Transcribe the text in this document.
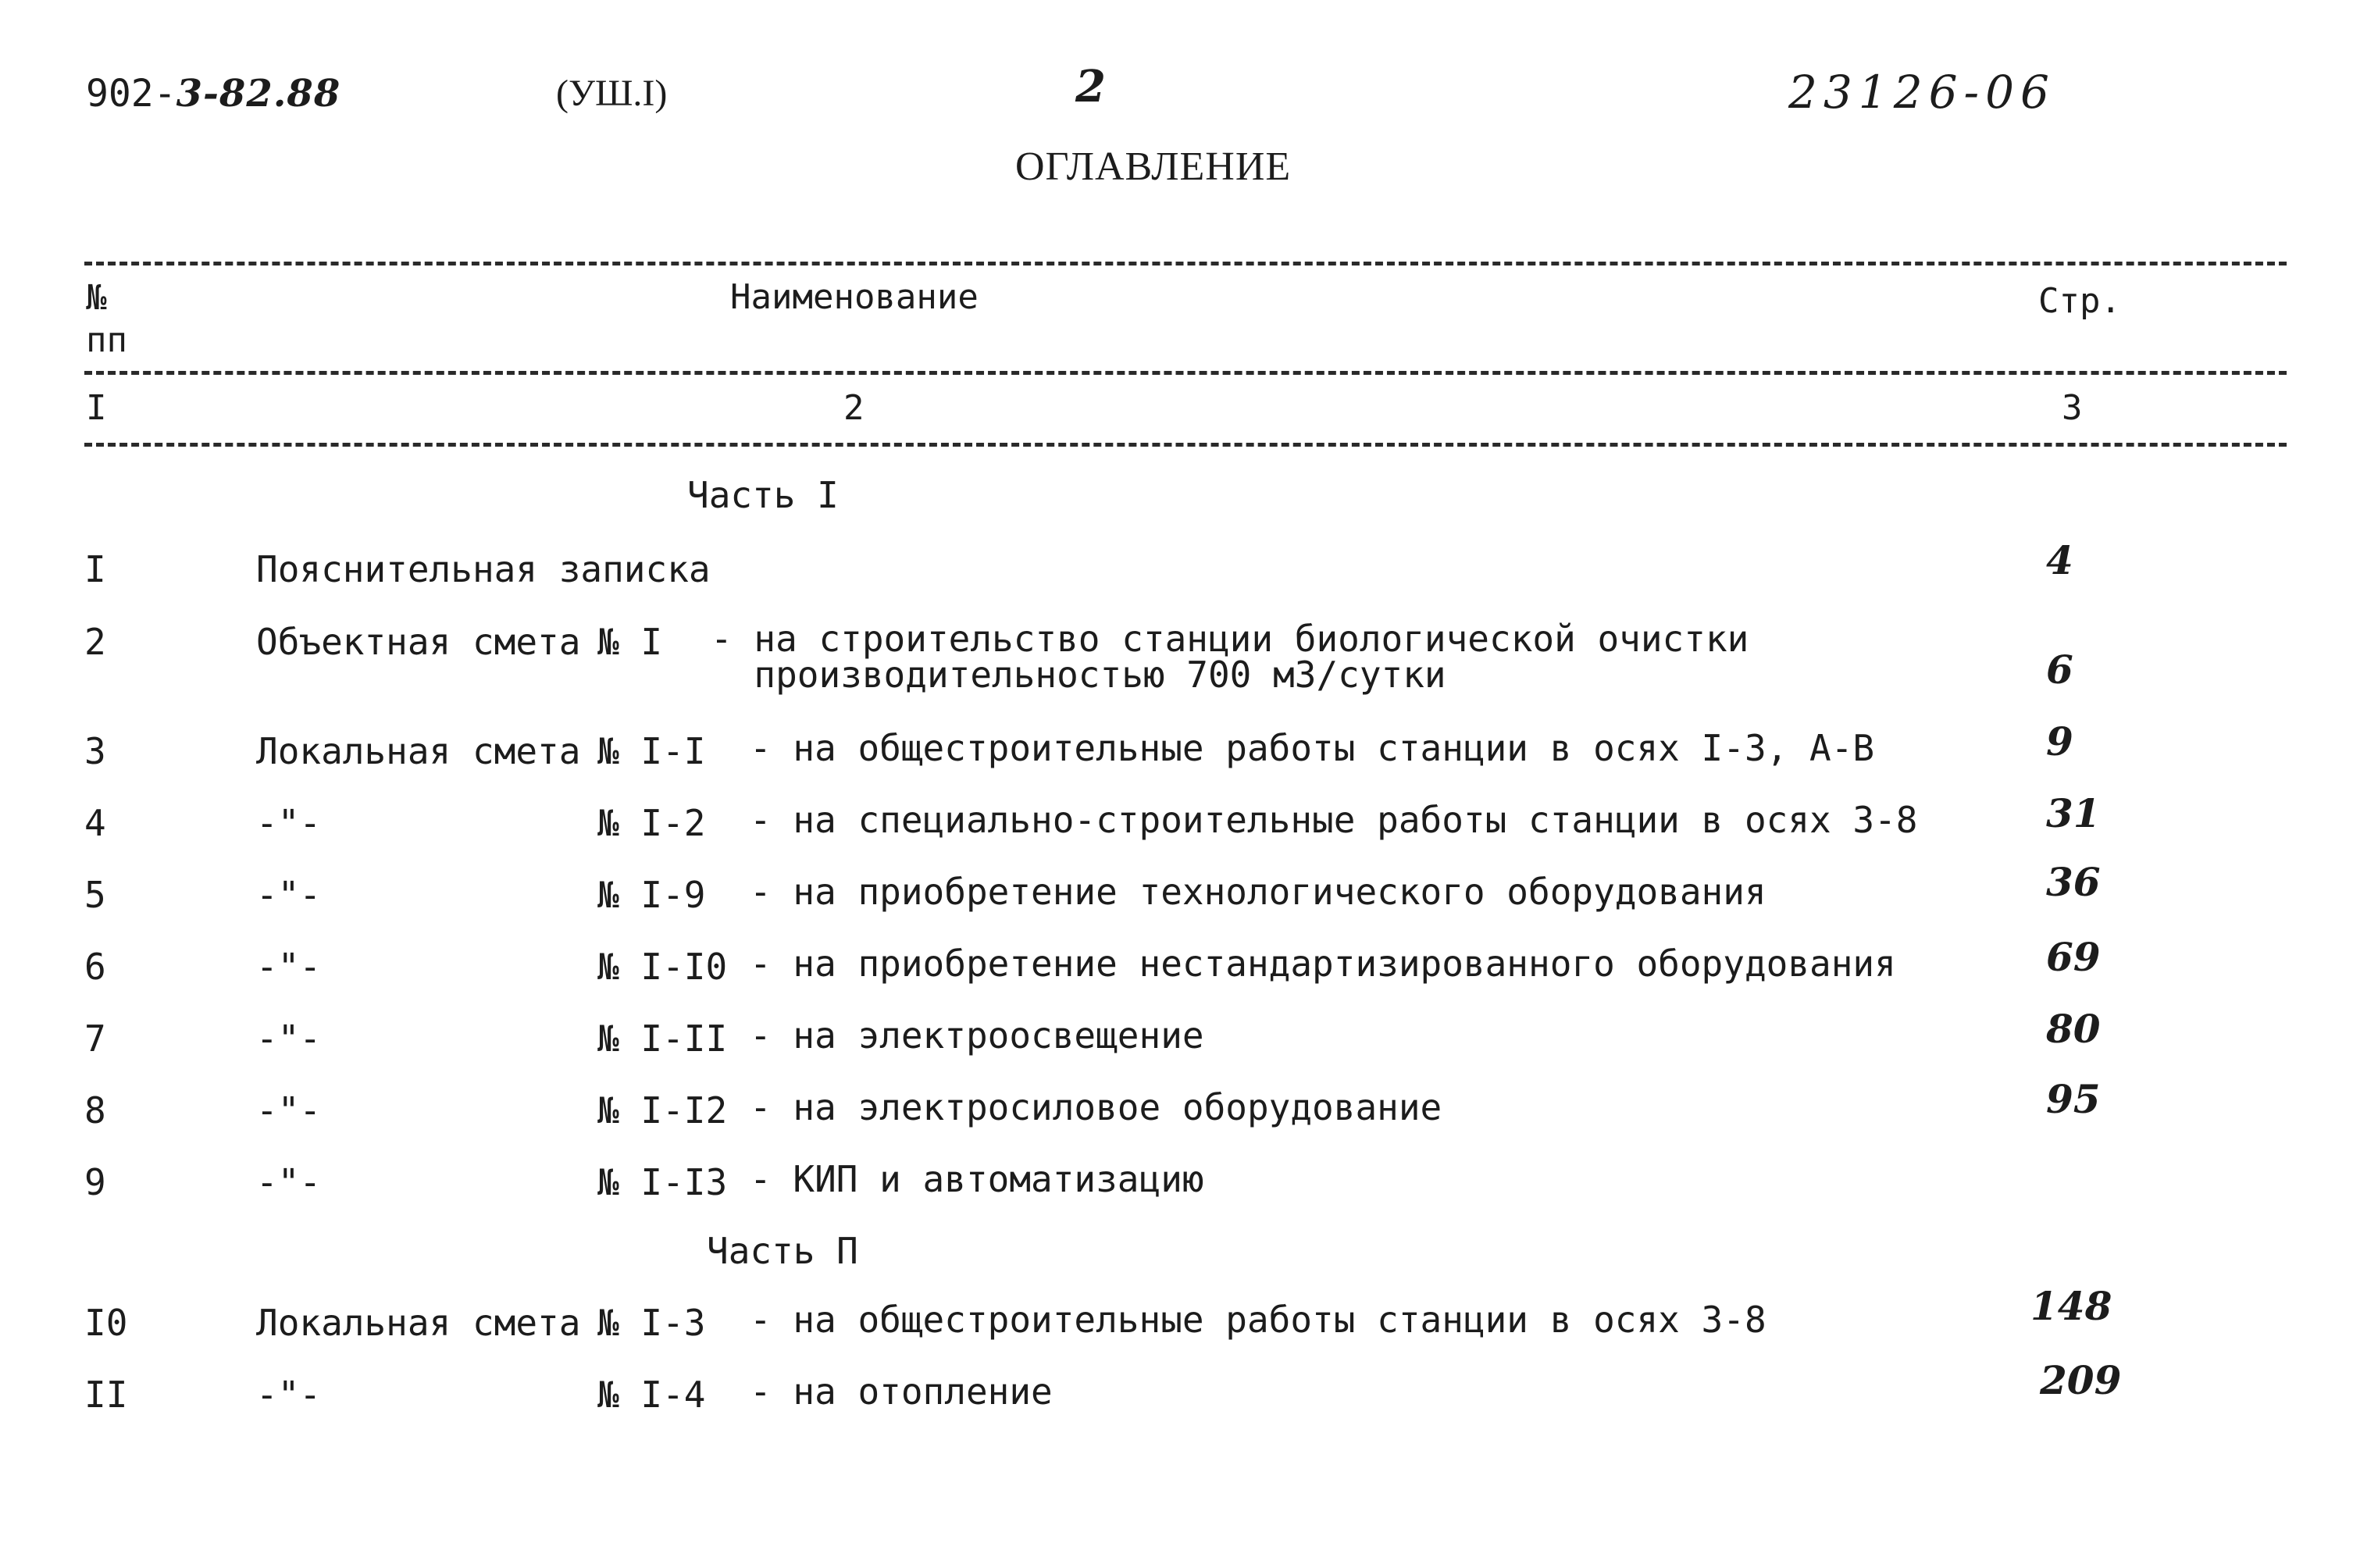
902-3-82.88	(УШ.I)	2	23126-06
ОГЛАВЛЕНИЕ
№
пп
Наименование	Стр.
I	2	3
Часть I
I	Пояснительная записка	4
2	Объектная смета № I - на строительство станции биологической очистки
производительностью 700 м3/сутки	6
3	Локальная смета № I-I - на общестроительные работы станции в осях I-3, А-В	9
4	-"-	№ I-2 - на специально-строительные работы станции в осях 3-8	31
5	-"-	№ I-9 - на приобретение технологического оборудования	36
6	-"-	№ I-I0 - на приобретение нестандартизированного оборудования	69
7	-"-	№ I-II - на электроосвещение	80
8	-"-	№ I-I2 - на электросиловое оборудование	95
9	-"-	№ I-I3 - КИП и автоматизацию
Часть П
I0	Локальная смета № I-3 - на общестроительные работы станции в осях 3-8	148
II	-"-	№ I-4 - на отопление	209
